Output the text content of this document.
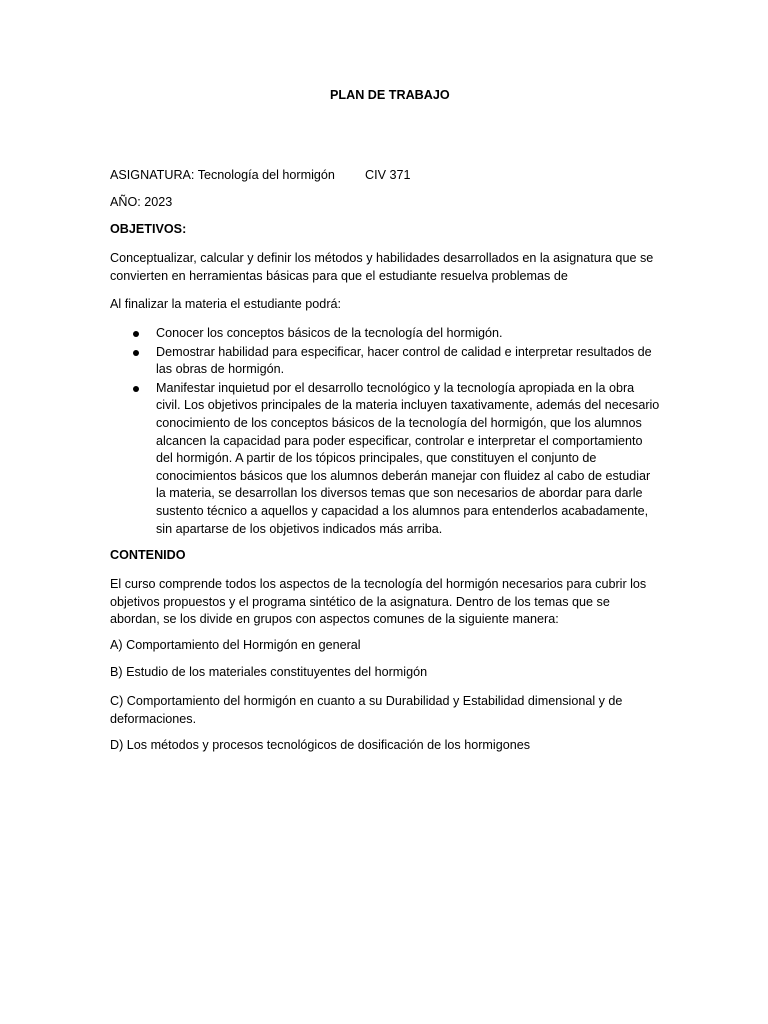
PLAN DE TRABAJO
ASIGNATURA: Tecnología del hormigón CIV 371
AÑO: 2023
OBJETIVOS:
Conceptualizar, calcular y definir los métodos y habilidades desarrollados en la asignatura que se convierten en herramientas básicas para que el estudiante resuelva problemas de
Al finalizar la materia el estudiante podrá:
Conocer los conceptos básicos de la tecnología del hormigón.
Demostrar habilidad para especificar, hacer control de calidad e interpretar resultados de las obras de hormigón.
Manifestar inquietud por el desarrollo tecnológico y la tecnología apropiada en la obra civil. Los objetivos principales de la materia incluyen taxativamente, además del necesario conocimiento de los conceptos básicos de la tecnología del hormigón, que los alumnos alcancen la capacidad para poder especificar, controlar e interpretar el comportamiento del hormigón. A partir de los tópicos principales, que constituyen el conjunto de conocimientos básicos que los alumnos deberán manejar con fluidez al cabo de estudiar la materia, se desarrollan los diversos temas que son necesarios de abordar para darle sustento técnico a aquellos y capacidad a los alumnos para entenderlos acabadamente, sin apartarse de los objetivos indicados más arriba.
CONTENIDO
El curso comprende todos los aspectos de la tecnología del hormigón necesarios para cubrir los objetivos propuestos y el programa sintético de la asignatura. Dentro de los temas que se abordan, se los divide en grupos con aspectos comunes de la siguiente manera:
A) Comportamiento del Hormigón en general
B) Estudio de los materiales constituyentes del hormigón
C) Comportamiento del hormigón en cuanto a su Durabilidad y Estabilidad dimensional y de deformaciones.
D) Los métodos y procesos tecnológicos de dosificación de los hormigones
